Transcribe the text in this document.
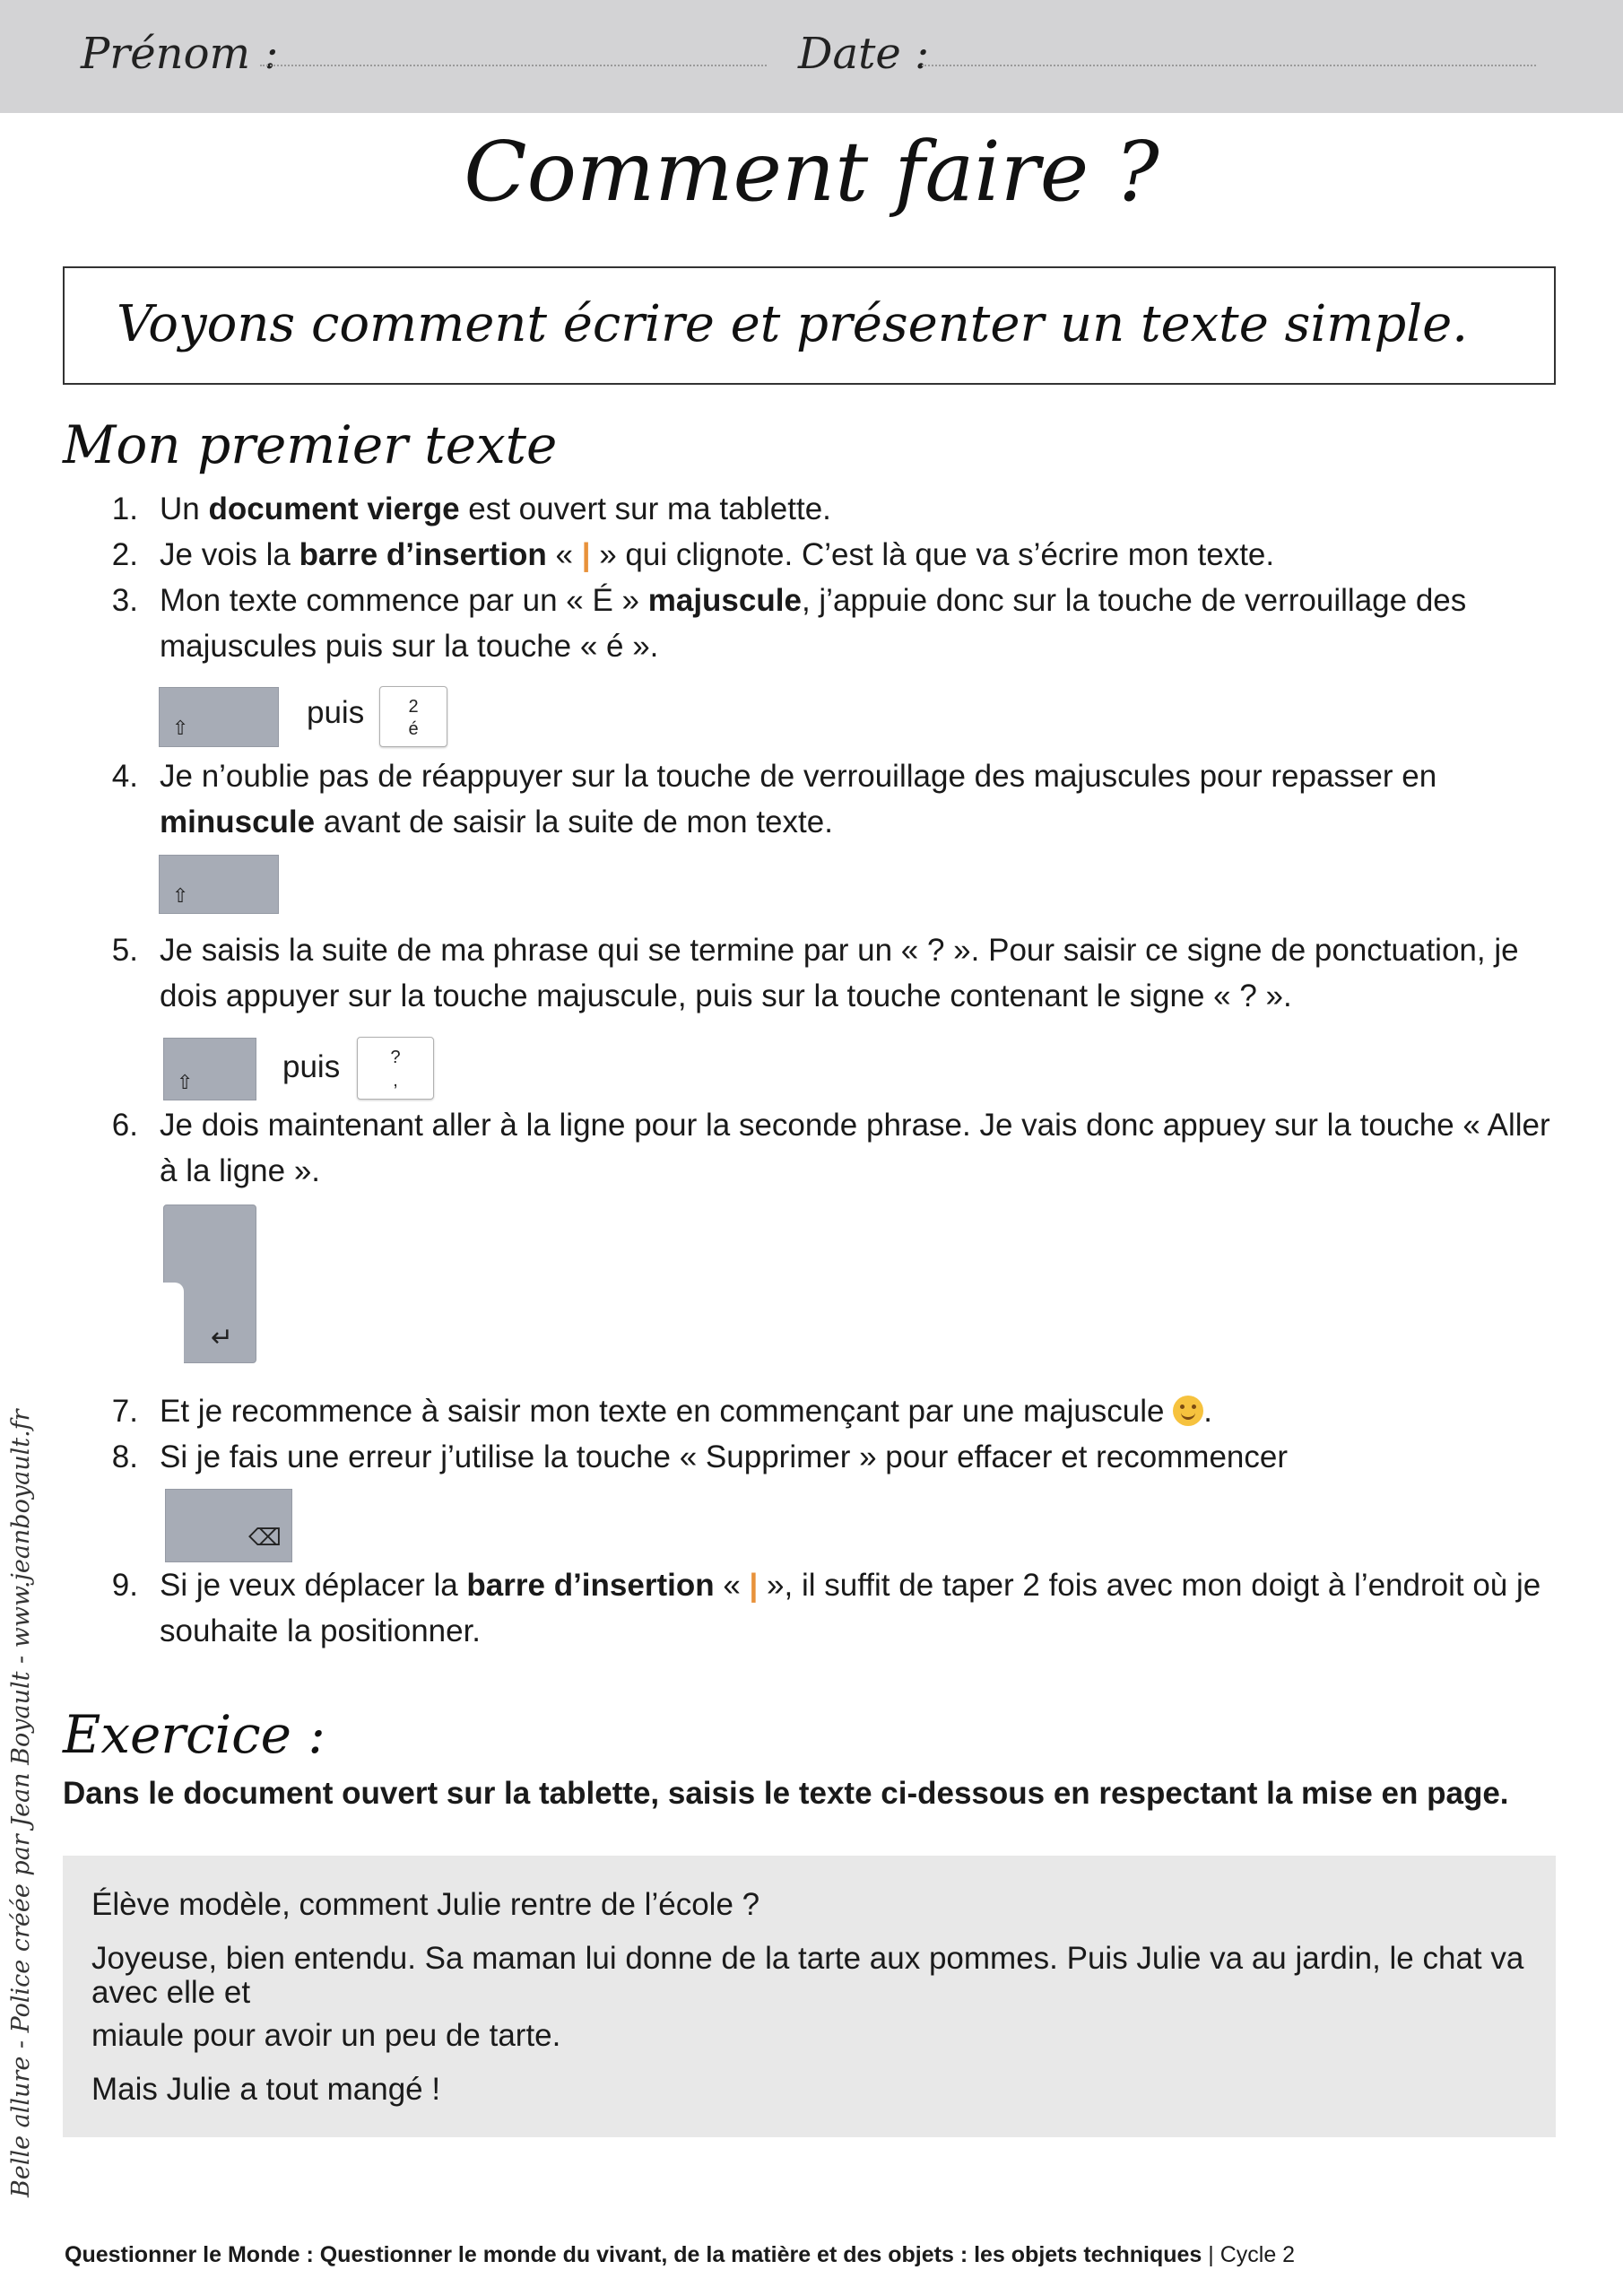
Prénom :	Date :
Comment faire ?
Voyons comment écrire et présenter un texte simple.
Mon premier texte
1. Un document vierge est ouvert sur ma tablette.
2. Je vois la barre d’insertion « | » qui clignote. C’est là que va s’écrire mon texte.
3. Mon texte commence par un « É » majuscule, j’appuie donc sur la touche de verrouillage des majuscules puis sur la touche « é ».
⇧	puis	2
é
4. Je n’oublie pas de réappuyer sur la touche de verrouillage des majuscules pour repasser en minuscule avant de saisir la suite de mon texte.
⇧
5. Je saisis la suite de ma phrase qui se termine par un « ? ». Pour saisir ce signe de ponctuation, je dois appuyer sur la touche majuscule, puis sur la touche contenant le signe « ? ».
⇧	puis	?
,
6. Je dois maintenant aller à la ligne pour la seconde phrase. Je vais donc appuey sur la touche « Aller à la ligne ».
↵
7. Et je recommence à saisir mon texte en commençant par une majuscule .
8. Si je fais une erreur j’utilise la touche « Supprimer » pour effacer et recommencer
⌫
9. Si je veux déplacer la barre d’insertion « | », il suffit de taper 2 fois avec mon doigt à l’endroit où je souhaite la positionner.
Exercice :
Dans le document ouvert sur la tablette, saisis le texte ci-dessous en respectant la mise en page.
Élève modèle, comment Julie rentre de l’école ?
Joyeuse, bien entendu. Sa maman lui donne de la tarte aux pommes. Puis Julie va au jardin, le chat va avec elle et
miaule pour avoir un peu de tarte.
Mais Julie a tout mangé !
Belle allure - Police créée par Jean Boyault - www.jeanboyault.fr
Questionner le Monde : Questionner le monde du vivant, de la matière et des objets : les objets techniques | Cycle 2
